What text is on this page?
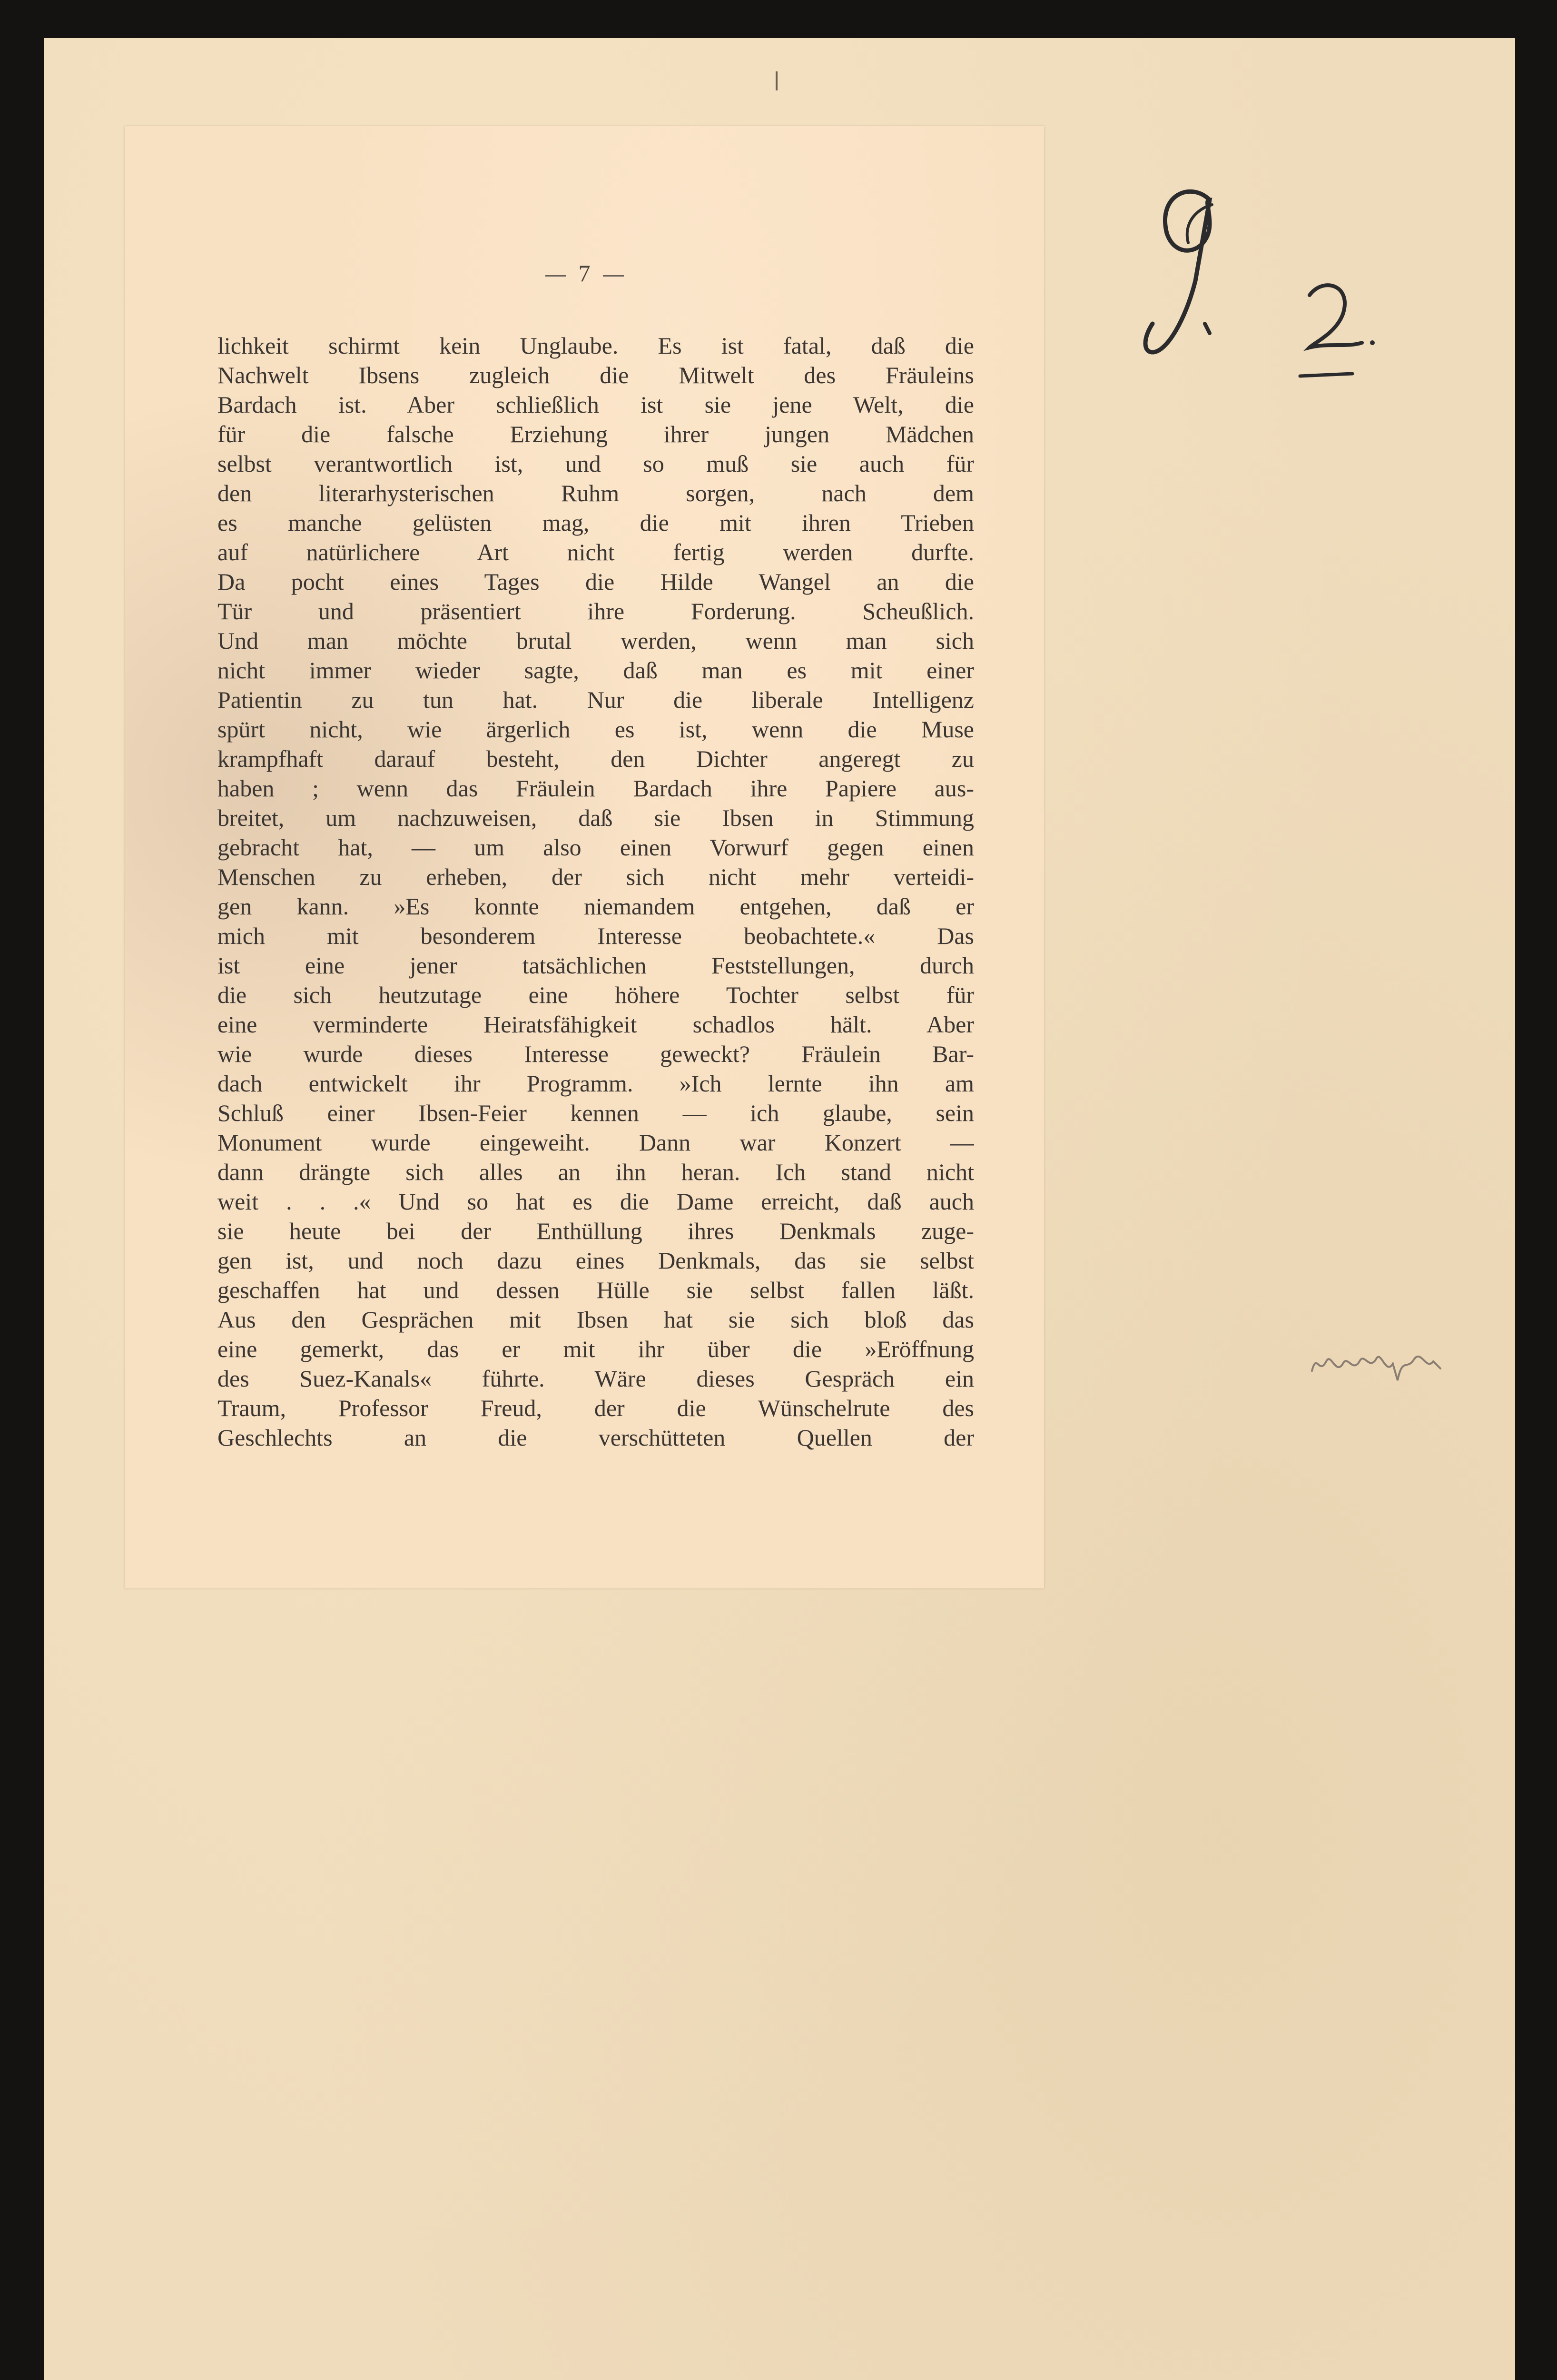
7
lichkeit schirmt kein Unglaube. Es ist fatal, daß die
Nachwelt Ibsens zugleich die Mitwelt des Fräuleins
Bardach ist. Aber schließlich ist sie jene Welt, die
für die falsche Erziehung ihrer jungen Mädchen
selbst verantwortlich ist, und so muß sie auch für
den literarhysterischen Ruhm sorgen, nach dem
es manche gelüsten mag, die mit ihren Trieben
auf natürlichere Art nicht fertig werden durfte.
Da pocht eines Tages die Hilde Wangel an die
Tür und präsentiert ihre Forderung. Scheußlich.
Und man möchte brutal werden, wenn man sich
nicht immer wieder sagte, daß man es mit einer
Patientin zu tun hat. Nur die liberale Intelligenz
spürt nicht, wie ärgerlich es ist, wenn die Muse
krampfhaft darauf besteht, den Dichter angeregt zu
haben ; wenn das Fräulein Bardach ihre Papiere aus-
breitet, um nachzuweisen, daß sie Ibsen in Stimmung
gebracht hat, — um also einen Vorwurf gegen einen
Menschen zu erheben, der sich nicht mehr verteidi-
gen kann. »Es konnte niemandem entgehen, daß er
mich mit besonderem Interesse beobachtete.« Das
ist eine jener tatsächlichen Feststellungen, durch
die sich heutzutage eine höhere Tochter selbst für
eine verminderte Heiratsfähigkeit schadlos hält. Aber
wie wurde dieses Interesse geweckt? Fräulein Bar-
dach entwickelt ihr Programm. »Ich lernte ihn am
Schluß einer Ibsen-Feier kennen — ich glaube, sein
Monument wurde eingeweiht. Dann war Konzert —
dann drängte sich alles an ihn heran. Ich stand nicht
weit . . .« Und so hat es die Dame erreicht, daß auch
sie heute bei der Enthüllung ihres Denkmals zuge-
gen ist, und noch dazu eines Denkmals, das sie selbst
geschaffen hat und dessen Hülle sie selbst fallen läßt.
Aus den Gesprächen mit Ibsen hat sie sich bloß das
eine gemerkt, das er mit ihr über die »Eröffnung
des Suez-Kanals« führte. Wäre dieses Gespräch ein
Traum, Professor Freud, der die Wünschelrute des
Geschlechts an die verschütteten Quellen der
